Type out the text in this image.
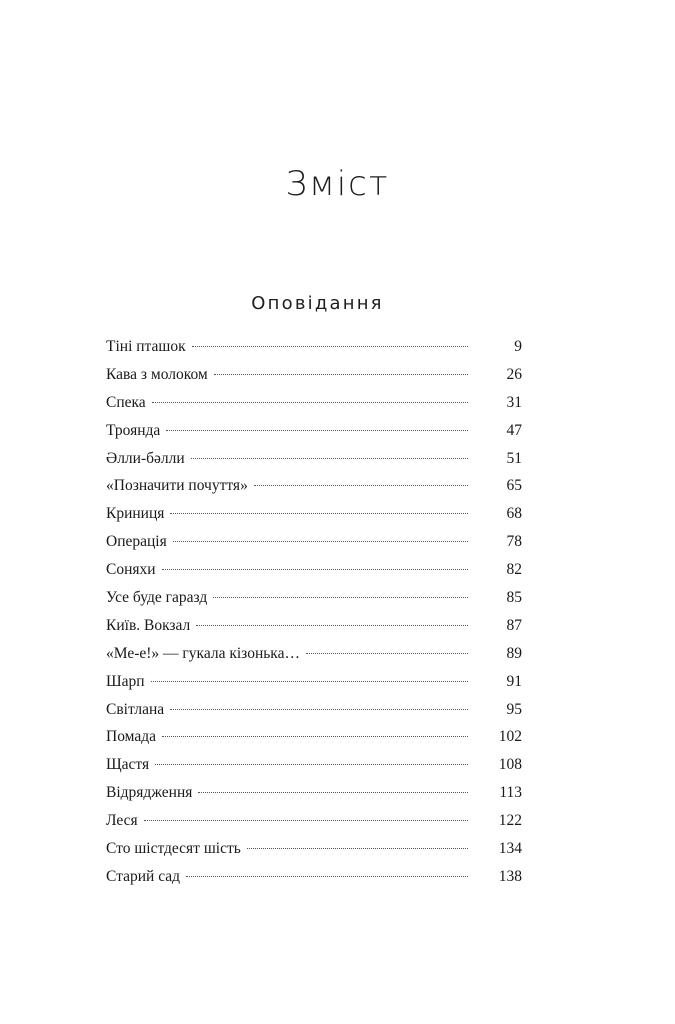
Зміст
Оповідання
Тіні пташок	9
Кава з молоком	26
Спека	31
Троянда	47
Әлли-бәлли	51
«Позначити почуття»	65
Криниця	68
Операція	78
Соняхи	82
Усе буде гаразд	85
Київ. Вокзал	87
«Ме-е!» — гукала кізонька…	89
Шарп	91
Світлана	95
Помада	102
Щастя	108
Відрядження	113
Леся	122
Сто шістдесят шість	134
Старий сад	138
